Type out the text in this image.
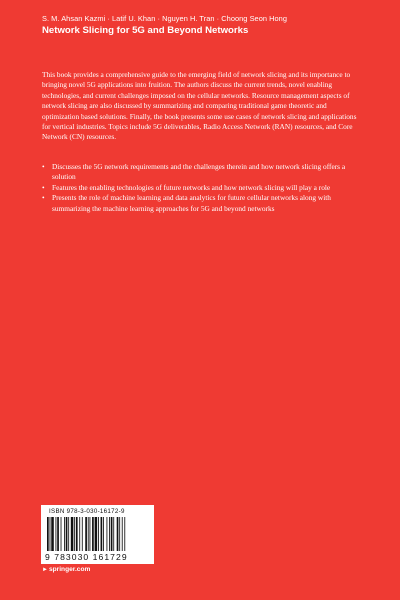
S. M. Ahsan Kazmi · Latif U. Khan · Nguyen H. Tran · Choong Seon Hong
Network Slicing for 5G and Beyond Networks

This book provides a comprehensive guide to the emerging field of network slicing and its importance to bringing novel 5G applications into fruition. The authors discuss the current trends, novel enabling technologies, and current challenges imposed on the cellular networks. Resource management aspects of network slicing are also discussed by summarizing and comparing traditional game theoretic and optimization based solutions. Finally, the book presents some use cases of network slicing and applications for vertical industries. Topics include 5G deliverables, Radio Access Network (RAN) resources, and Core Network (CN) resources.

• Discusses the 5G network requirements and the challenges therein and how network slicing offers a solution
• Features the enabling technologies of future networks and how network slicing will play a role
• Presents the role of machine learning and data analytics for future cellular networks along with summarizing the machine learning approaches for 5G and beyond networks
ISBN 978-3-030-16172-9
9 783030 161729
►springer.com
